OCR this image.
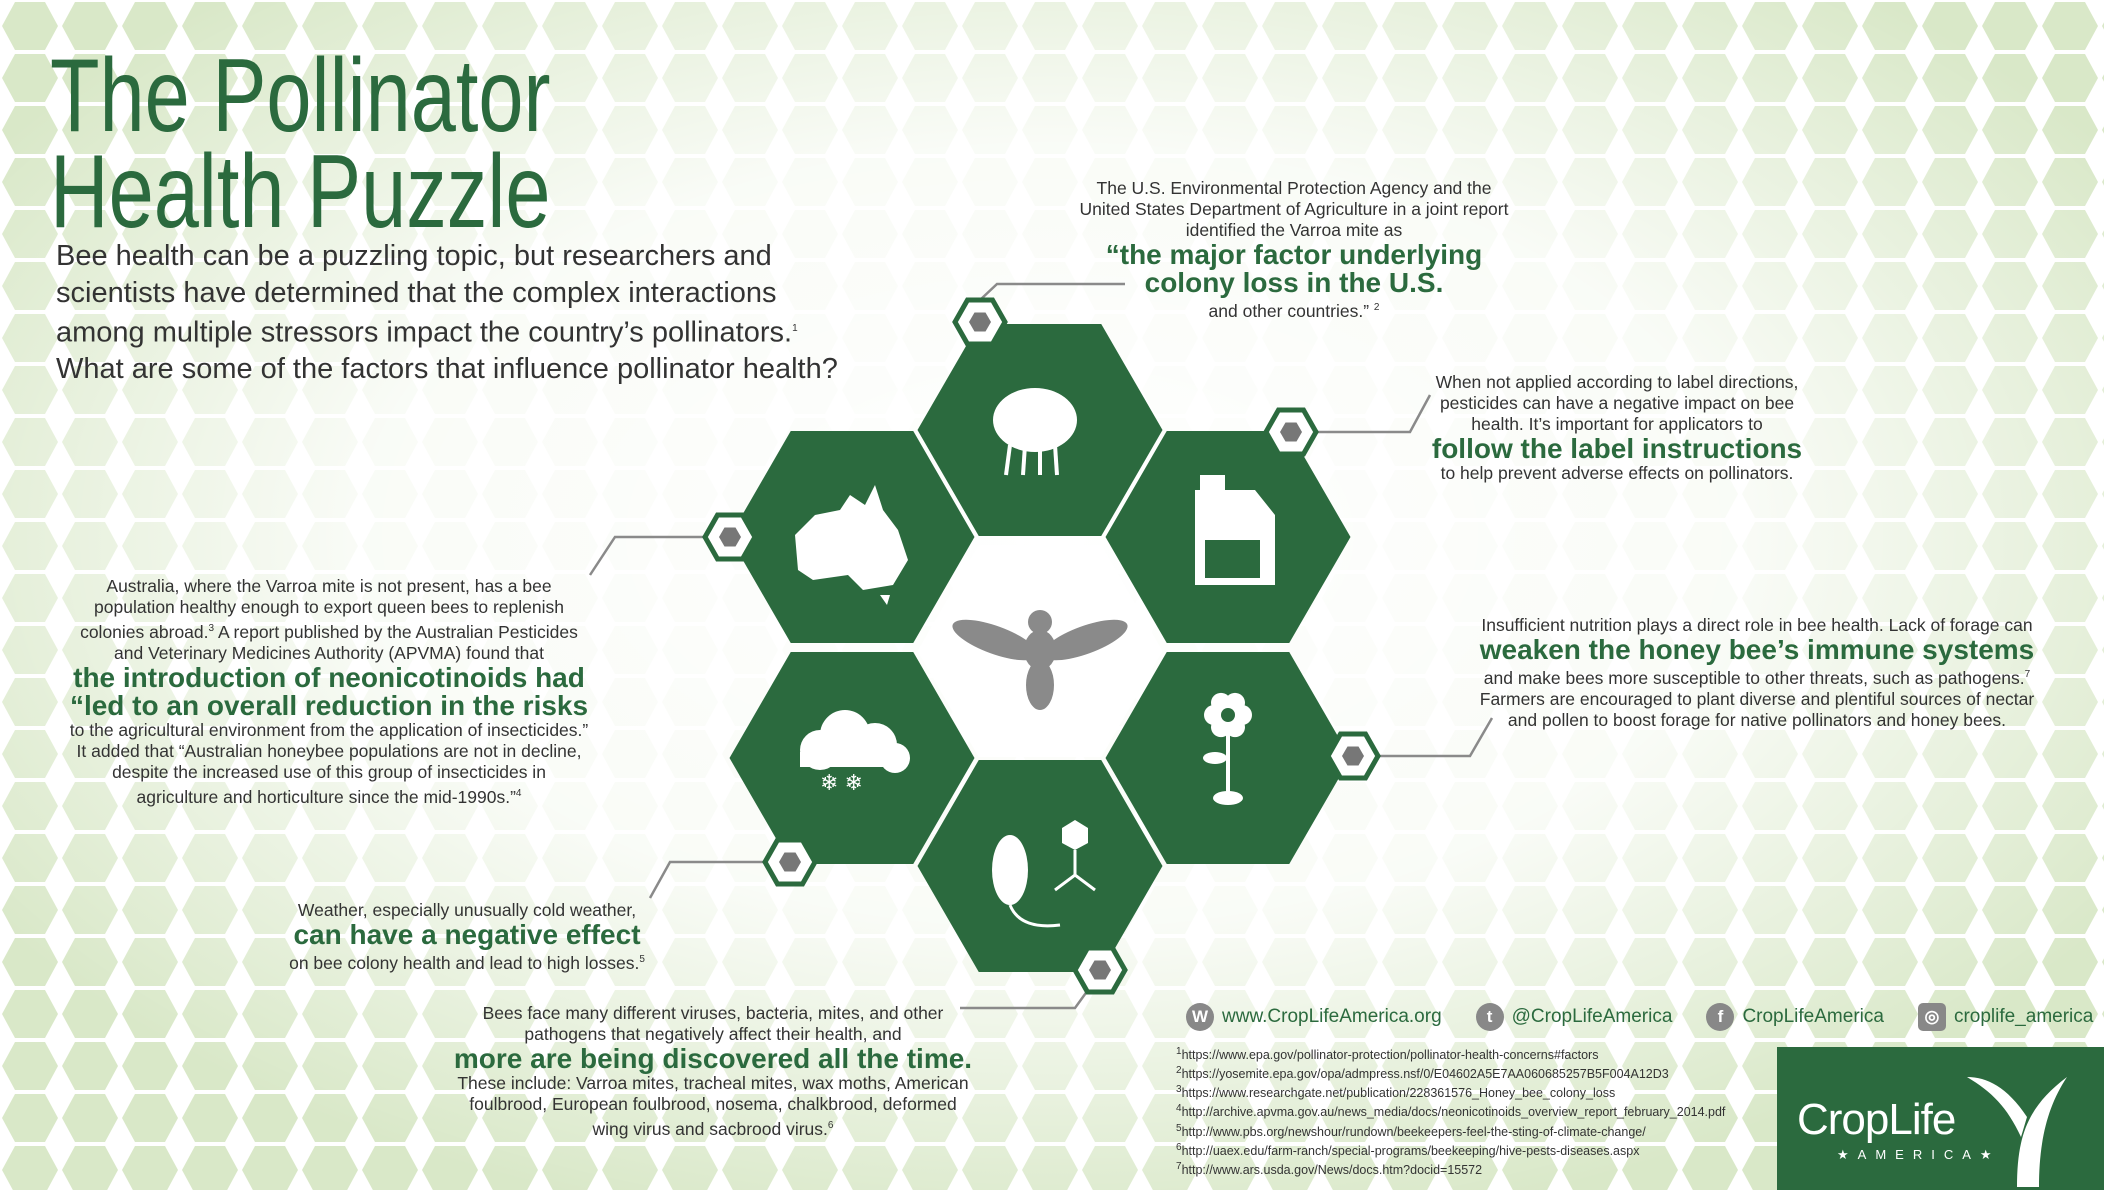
❄ ❄
The Pollinator
Health Puzzle
Bee health can be a puzzling topic, but researchers and
scientists have determined that the complex interactions
among multiple stressors impact the country’s pollinators.$^1$
What are some of the factors that influence pollinator health?
The U.S. Environmental Protection Agency and the
United States Department of Agriculture in a joint report
identified the Varroa mite as
“the major factor underlying
colony loss in the U.S.
and other countries.” $^2$
When not applied according to label directions,
pesticides can have a negative impact on bee
health. It’s important for applicators to
follow the label instructions
to help prevent adverse effects on pollinators.
Insufficient nutrition plays a direct role in bee health. Lack of forage can
weaken the honey bee’s immune systems
and make bees more susceptible to other threats, such as pathogens.$^7$
Farmers are encouraged to plant diverse and plentiful sources of nectar
and pollen to boost forage for native pollinators and honey bees.
Australia, where the Varroa mite is not present, has a bee
population healthy enough to export queen bees to replenish
colonies abroad.$^3$ A report published by the Australian Pesticides
and Veterinary Medicines Authority (APVMA) found that
the introduction of neonicotinoids had
“led to an overall reduction in the risks
to the agricultural environment from the application of insecticides.”
It added that “Australian honeybee populations are not in decline,
despite the increased use of this group of insecticides in
agriculture and horticulture since the mid-1990s.”$^4$
Weather, especially unusually cold weather,
can have a negative effect
on bee colony health and lead to high losses.$^5$
Bees face many different viruses, bacteria, mites, and other
pathogens that negatively affect their health, and
more are being discovered all the time.
These include: Varroa mites, tracheal mites, wax moths, American
foulbrood, European foulbrood, nosema, chalkbrood, deformed
wing virus and sacbrood virus.$^6$
W www.CropLifeAmerica.org	t	@CropLifeAmerica	f	CropLifeAmerica	◎ croplife_america
$^1$https://www.epa.gov/pollinator-protection/pollinator-health-concerns#factors
$^2$https://yosemite.epa.gov/opa/admpress.nsf/0/E04602A5E7AA060685257B5F004A12D3
$^3$https://www.researchgate.net/publication/228361576_Honey_bee_colony_loss
$^4$http://archive.apvma.gov.au/news_media/docs/neonicotinoids_overview_report_february_2014.pdf
$^5$http://www.pbs.org/newshour/rundown/beekeepers-feel-the-sting-of-climate-change/
$^6$http://uaex.edu/farm-ranch/special-programs/beekeeping/hive-pests-diseases.aspx
$^7$http://www.ars.usda.gov/News/docs.htm?docid=15572
CropLife
★AMERICA★
